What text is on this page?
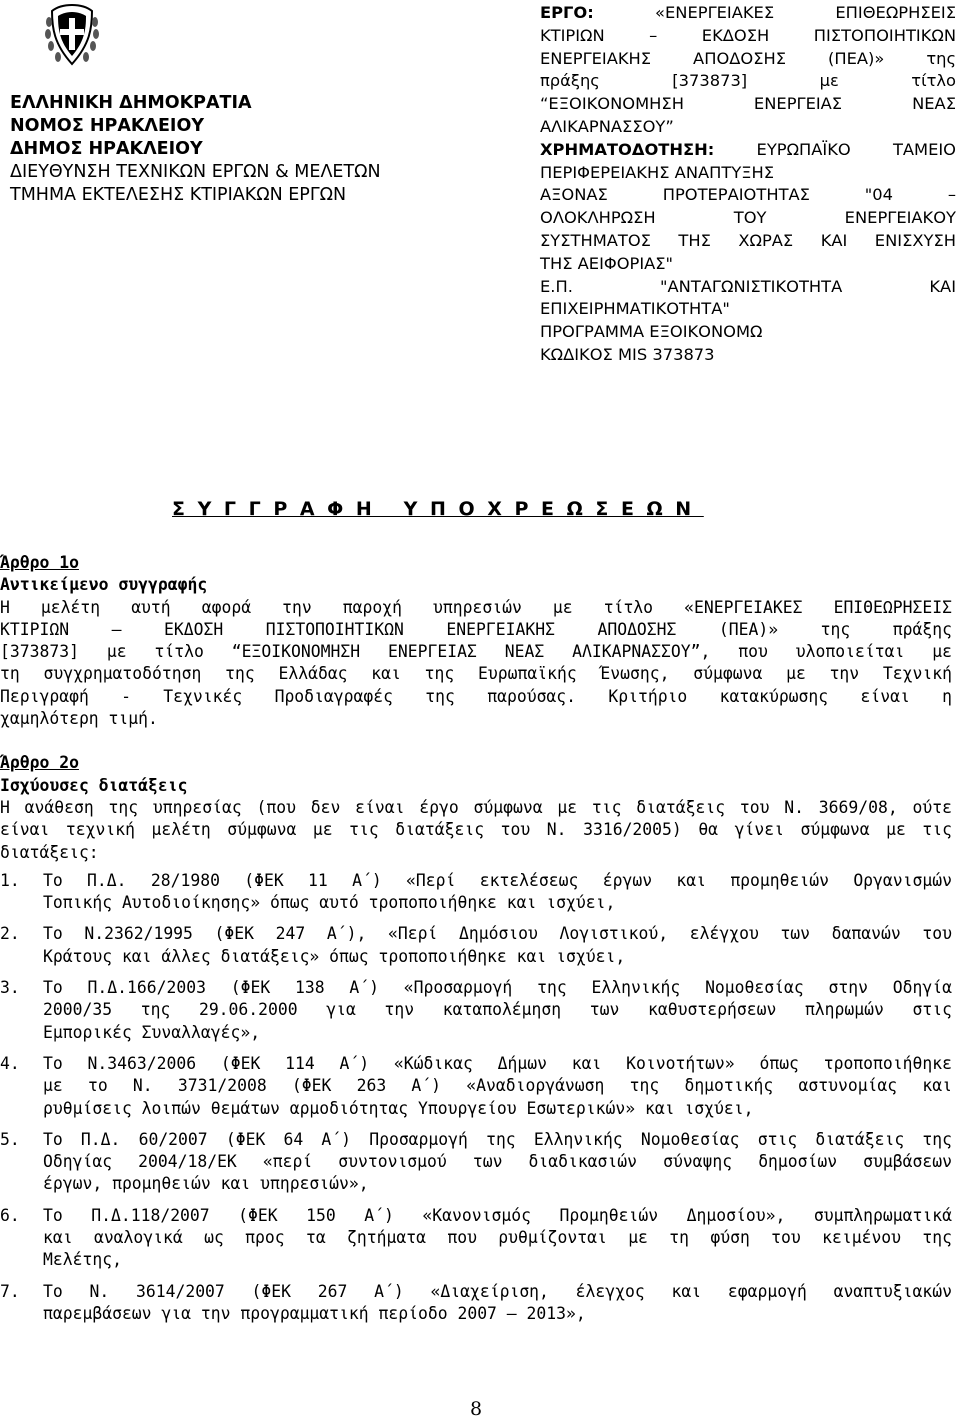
ΕΛΛΗΝΙΚΗ ΔΗΜΟΚΡΑΤΙΑ
ΝΟΜΟΣ ΗΡΑΚΛΕΙΟΥ
ΔΗΜΟΣ ΗΡΑΚΛΕΙΟΥ
ΔΙΕΥΘΥΝΣΗ ΤΕΧΝΙΚΩΝ ΕΡΓΩΝ & ΜΕΛΕΤΩΝ
ΤΜΗΜΑ ΕΚΤΕΛΕΣΗΣ ΚΤΙΡΙΑΚΩΝ ΕΡΓΩΝ
ΕΡΓΟ:	«ΕΝΕΡΓΕΙΑΚΕΣ ΕΠΙΘΕΩΡΗΣΕΙΣ
ΚΤΙΡΙΩΝ – ΕΚΔΟΣΗ ΠΙΣΤΟΠΟΙΗΤΙΚΩΝ
ΕΝΕΡΓΕΙΑΚΗΣ ΑΠΟΔΟΣΗΣ (ΠΕΑ)» της
πράξης [373873] με τίτλο
“ΕΞΟΙΚΟΝΟΜΗΣΗ ΕΝΕΡΓΕΙΑΣ ΝΕΑΣ
ΑΛΙΚΑΡΝΑΣΣΟΥ”
ΧΡΗΜΑΤΟΔΟΤΗΣΗ:	ΕΥΡΩΠΑΪΚΟ ΤΑΜΕΙΟ
ΠΕΡΙΦΕΡΕΙΑΚΗΣ ΑΝΑΠΤΥΞΗΣ
ΑΞΟΝΑΣ ΠΡΟΤΕΡΑΙΟΤΗΤΑΣ "04 –
ΟΛΟΚΛΗΡΩΣΗ ΤΟΥ ΕΝΕΡΓΕΙΑΚΟΥ
ΣΥΣΤΗΜΑΤΟΣ ΤΗΣ ΧΩΡΑΣ ΚΑΙ ΕΝΙΣΧΥΣΗ
ΤΗΣ ΑΕΙΦΟΡΙΑΣ"
Ε.Π. "ΑΝΤΑΓΩΝΙΣΤΙΚΟΤΗΤΑ ΚΑΙ
ΕΠΙΧΕΙΡΗΜΑΤΙΚΟΤΗΤΑ"
ΠΡΟΓΡΑΜΜΑ ΕΞΟΙΚΟΝΟΜΩ
ΚΩΔΙΚΟΣ MIS 373873
ΣΥΓΓΡΑΦΗ ΥΠΟΧΡΕΩΣΕΩΝ
Άρθρο 1ο
Αντικείμενο συγγραφής
Η μελέτη αυτή αφορά την παροχή υπηρεσιών με τίτλο «ΕΝΕΡΓΕΙΑΚΕΣ ΕΠΙΘΕΩΡΗΣΕΙΣ
ΚΤΙΡΙΩΝ – ΕΚΔΟΣΗ ΠΙΣΤΟΠΟΙΗΤΙΚΩΝ ΕΝΕΡΓΕΙΑΚΗΣ ΑΠΟΔΟΣΗΣ (ΠΕΑ)» της πράξης
[373873] με τίτλο “ΕΞΟΙΚΟΝΟΜΗΣΗ ΕΝΕΡΓΕΙΑΣ ΝΕΑΣ ΑΛΙΚΑΡΝΑΣΣΟΥ”, που υλοποιείται με
τη συγχρηματοδότηση της Ελλάδας και της Ευρωπαϊκής Ένωσης, σύμφωνα με την Τεχνική
Περιγραφή - Τεχνικές Προδιαγραφές της παρούσας. Κριτήριο κατακύρωσης είναι η
χαμηλότερη τιμή.
Άρθρο 2ο
Ισχύουσες διατάξεις
Η ανάθεση της υπηρεσίας (που δεν είναι έργο σύμφωνα με τις διατάξεις του Ν. 3669/08, ούτε
είναι τεχνική μελέτη σύμφωνα με τις διατάξεις του Ν. 3316/2005) θα γίνει σύμφωνα με τις
διατάξεις:
1. Το Π.Δ. 28/1980 (ΦΕΚ 11 Α΄) «Περί εκτελέσεως έργων και προμηθειών Οργανισμών
Τοπικής Αυτοδιοίκησης» όπως αυτό τροποποιήθηκε και ισχύει,
2. Το Ν.2362/1995 (ΦΕΚ 247 Α΄), «Περί Δημόσιου Λογιστικού, ελέγχου των δαπανών του
Κράτους και άλλες διατάξεις» όπως τροποποιήθηκε και ισχύει,
3. Το Π.Δ.166/2003 (ΦΕΚ 138 Α΄) «Προσαρμογή της Ελληνικής Νομοθεσίας στην Οδηγία
2000/35 της 29.06.2000 για την καταπολέμηση των καθυστερήσεων πληρωμών στις
Εμπορικές Συναλλαγές»,
4. Το Ν.3463/2006 (ΦΕΚ 114 Α΄) «Κώδικας Δήμων και Κοινοτήτων» όπως τροποποιήθηκε
με το Ν. 3731/2008 (ΦΕΚ 263 Α΄) «Αναδιοργάνωση της δημοτικής αστυνομίας και
ρυθμίσεις λοιπών θεμάτων αρμοδιότητας Υπουργείου Εσωτερικών» και ισχύει,
5. Το Π.Δ. 60/2007 (ΦΕΚ 64 Α΄) Προσαρμογή της Ελληνικής Νομοθεσίας στις διατάξεις της
Οδηγίας 2004/18/ΕΚ «περί συντονισμού των διαδικασιών σύναψης δημοσίων συμβάσεων
έργων, προμηθειών και υπηρεσιών»,
6. Το Π.Δ.118/2007 (ΦΕΚ 150 Α΄) «Κανονισμός Προμηθειών Δημοσίου», συμπληρωματικά
και αναλογικά ως προς τα ζητήματα που ρυθμίζονται με τη φύση του κειμένου της
Μελέτης,
7. Το Ν. 3614/2007 (ΦΕΚ 267 Α΄) «Διαχείριση, έλεγχος και εφαρμογή αναπτυξιακών
παρεμβάσεων για την προγραμματική περίοδο 2007 – 2013»,
8
